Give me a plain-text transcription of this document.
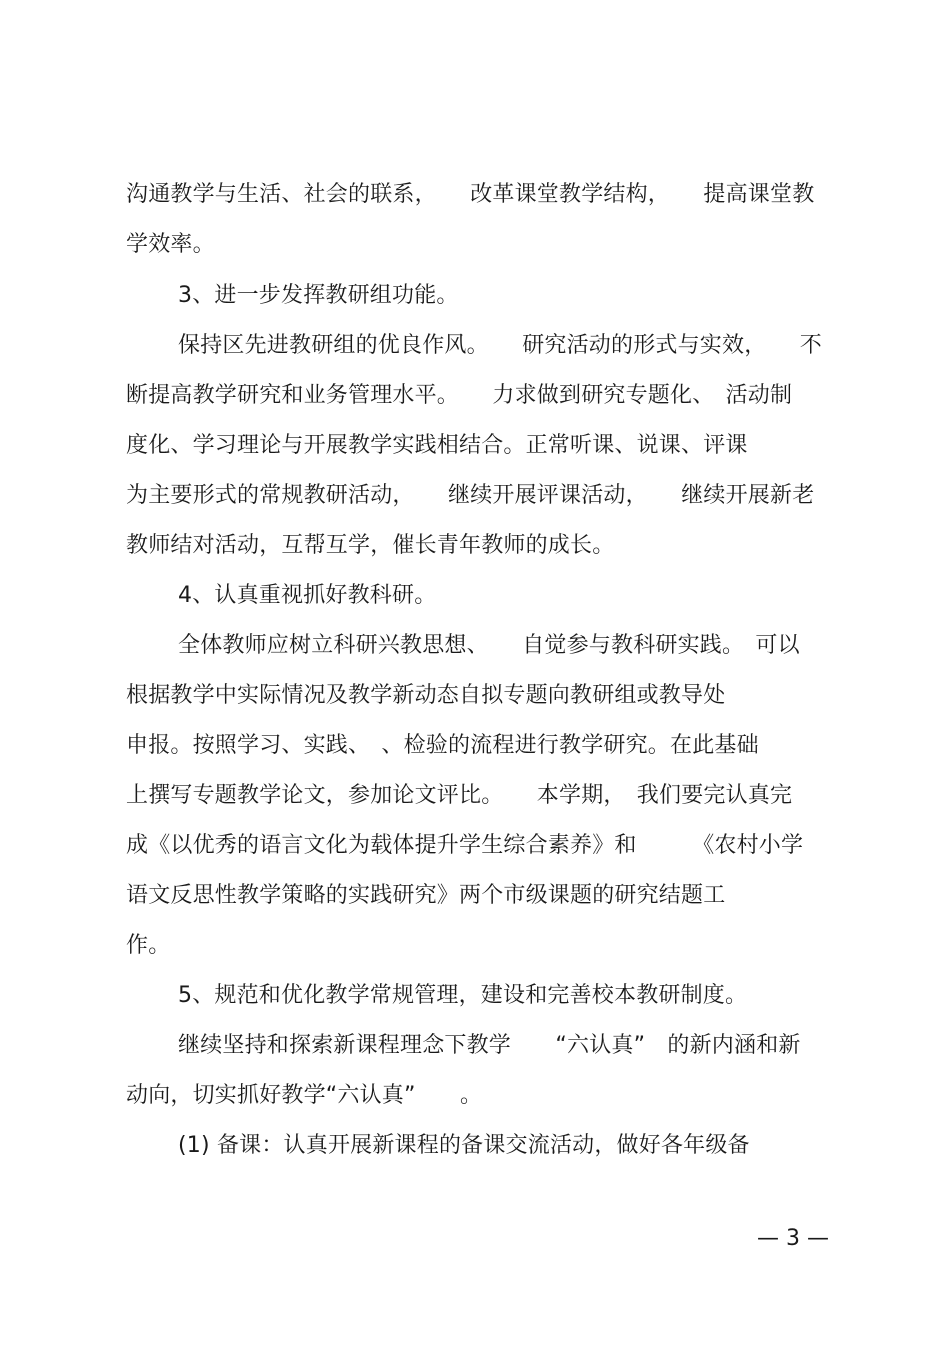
沟通教学与生活、社会的联系，　　改革课堂教学结构，　　提高课堂教
学效率。
3、进一步发挥教研组功能。
保持区先进教研组的优良作风。　　研究活动的形式与实效，　　不
断提高教学研究和业务管理水平。　　力求做到研究专题化、　活动制
度化、学习理论与开展教学实践相结合。正常听课、说课、评课
为主要形式的常规教研活动，　　继续开展评课活动，　　继续开展新老
教师结对活动，互帮互学，催长青年教师的成长。
4、认真重视抓好教科研。
全体教师应树立科研兴教思想、　　自觉参与教科研实践。　可以
根据教学中实际情况及教学新动态自拟专题向教研组或教导处
申报。按照学习、实践、　、检验的流程进行教学研究。在此基础
上撰写专题教学论文，参加论文评比。　　本学期，　我们要完认真完
成《以优秀的语言文化为载体提升学生综合素养》和　　　《农村小学
语文反思性教学策略的实践研究》两个市级课题的研究结题工
作。
5、规范和优化教学常规管理，建设和完善校本教研制度。
继续坚持和探索新课程理念下教学　　“六认真”　的新内涵和新
动向，切实抓好教学“六认真”　　。
(1) 备课：认真开展新课程的备课交流活动，做好各年级备
— 3 —
